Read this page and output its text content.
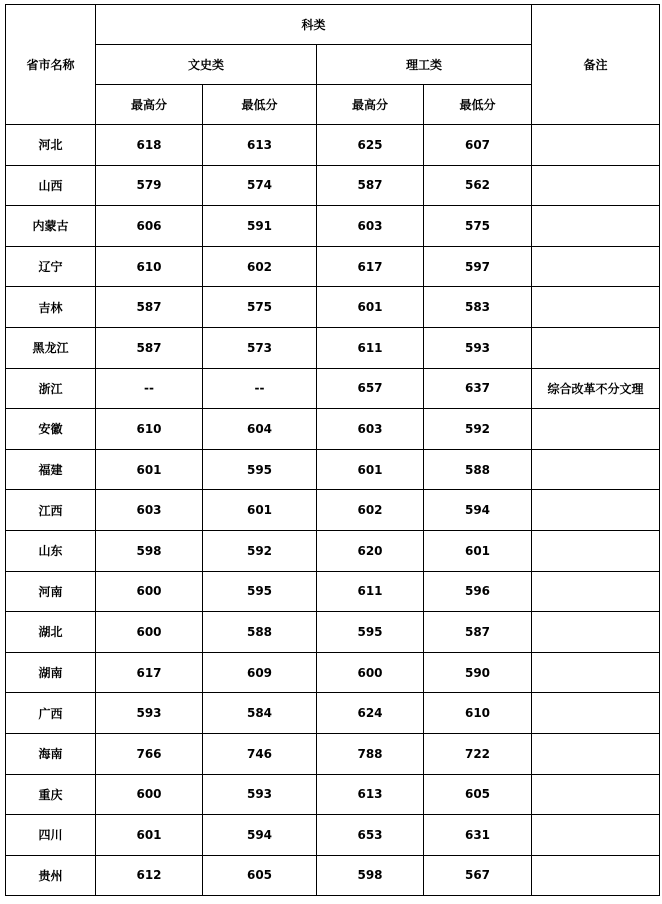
省市名称	科类				备注
	文史类		理工类		
	最高分	最低分	最高分	最低分	
河北	618	613	625	607	
山西	579	574	587	562	
内蒙古	606	591	603	575	
辽宁	610	602	617	597	
吉林	587	575	601	583	
黑龙江	587	573	611	593	
浙江	--	--	657	637	综合改革不分文理
安徽	610	604	603	592	
福建	601	595	601	588	
江西	603	601	602	594	
山东	598	592	620	601	
河南	600	595	611	596	
湖北	600	588	595	587	
湖南	617	609	600	590	
广西	593	584	624	610	
海南	766	746	788	722	
重庆	600	593	613	605	
四川	601	594	653	631	
贵州	612	605	598	567	
